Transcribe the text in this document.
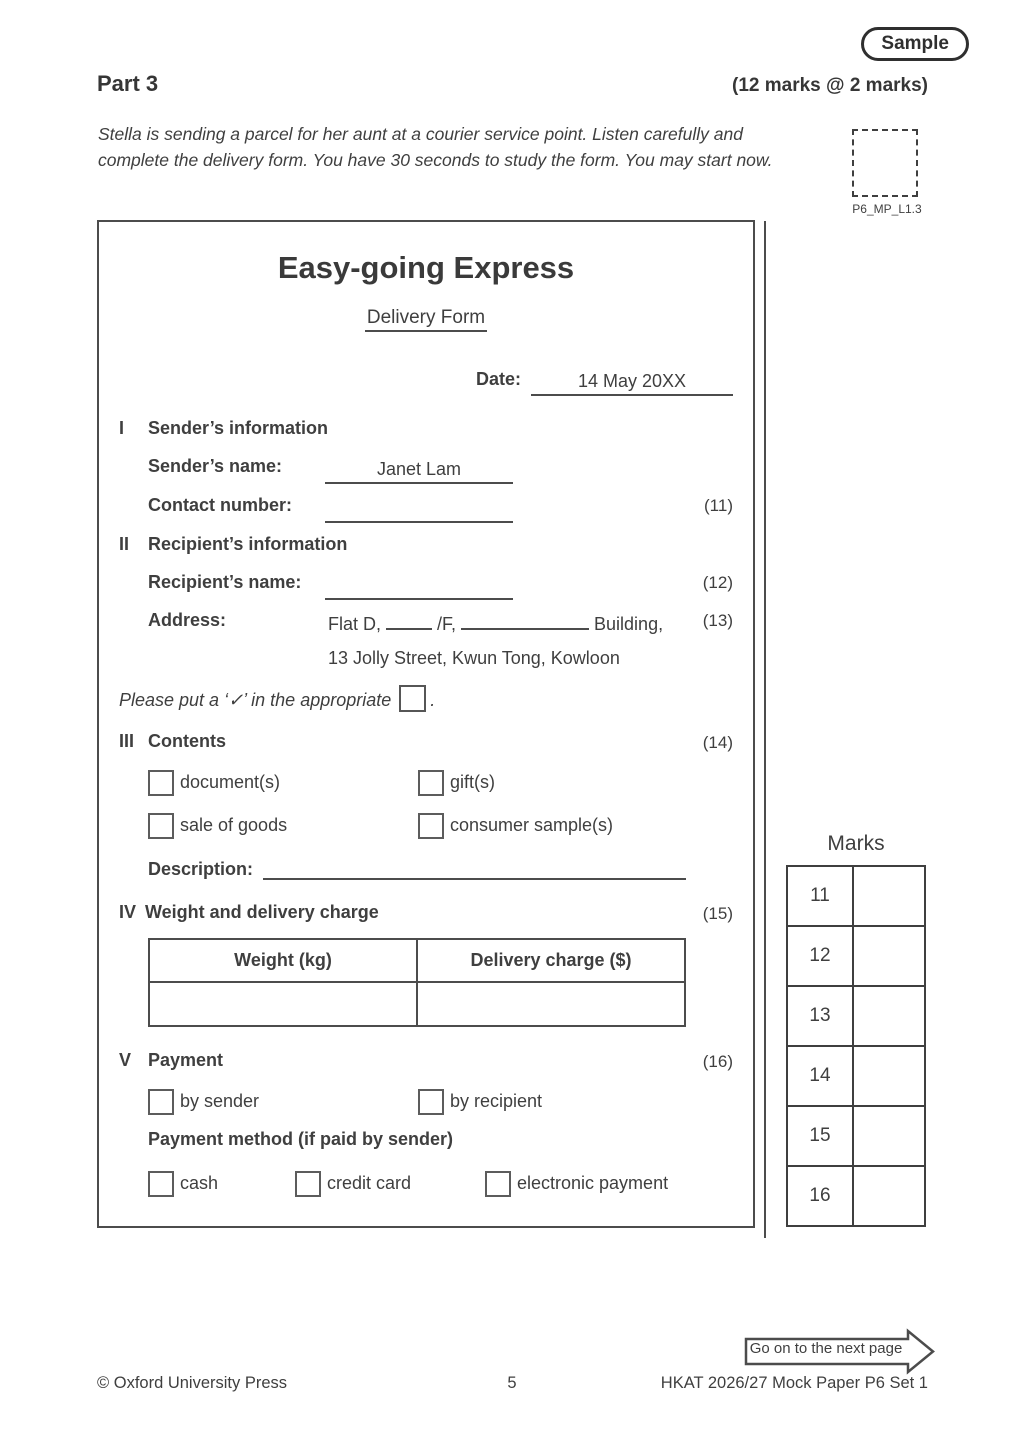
Sample
Part 3	(12 marks @ 2 marks)
Stella is sending a parcel for her aunt at a courier service point. Listen carefully and complete the delivery form. You have 30 seconds to study the form. You may start now.
P6_MP_L1.3
Easy-going Express
Delivery Form
Date:	14 May 20XX
I Sender’s information
Sender’s name:	Janet Lam
Contact number:	(11)
II Recipient’s information
Recipient’s name:	(12)
Address:	Flat D,	/F,	Building, (13)
13 Jolly Street, Kwun Tong, Kowloon
Please put a ‘✓’ in the appropriate .
III Contents	(14)
document(s)	gift(s)
sale of goods	consumer sample(s)
Description:
IV Weight and delivery charge	(15)
Weight (kg)	Delivery charge ($)
V Payment	(16)
by sender	by recipient
Payment method (if paid by sender)
cash	credit card	electronic payment
Marks
11
12
13
14
15
16
Go on to the next page
© Oxford University Press	5	HKAT 2026/27 Mock Paper P6 Set 1
